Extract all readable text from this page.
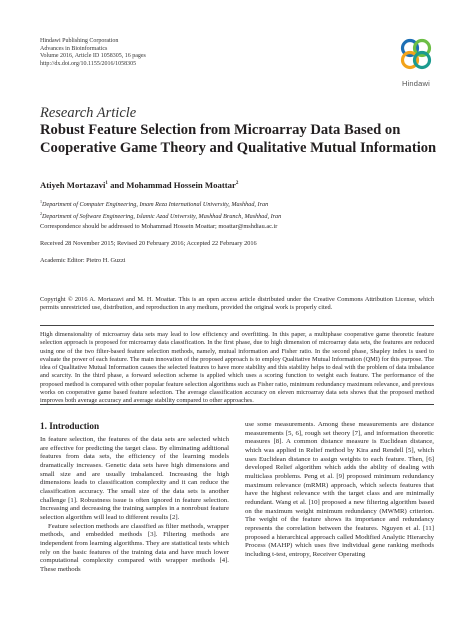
Hindawi Publishing Corporation
Advances in Bioinformatics
Volume 2016, Article ID 1058305, 16 pages
http://dx.doi.org/10.1155/2016/1058305
Hindawi
Research Article
Robust Feature Selection from Microarray Data Based on Cooperative Game Theory and Qualitative Mutual Information
Atiyeh Mortazavi$^1$ and Mohammad Hossein Moattar$^2$
$^1$Department of Computer Engineering, Imam Reza International University, Mashhad, Iran
$^2$Department of Software Engineering, Islamic Azad University, Mashhad Branch, Mashhad, Iran
Correspondence should be addressed to Mohammad Hossein Moattar; moattar@mshdiau.ac.ir
Received 28 November 2015; Revised 20 February 2016; Accepted 22 February 2016
Academic Editor: Pietro H. Guzzi
Copyright © 2016 A. Mortazavi and M. H. Moattar. This is an open access article distributed under the Creative Commons Attribution License, which permits unrestricted use, distribution, and reproduction in any medium, provided the original work is properly cited.
High dimensionality of microarray data sets may lead to low efficiency and overfitting. In this paper, a multiphase cooperative game theoretic feature selection approach is proposed for microarray data classification. In the first phase, due to high dimension of microarray data sets, the features are reduced using one of the two filter-based feature selection methods, namely, mutual information and Fisher ratio. In the second phase, Shapley index is used to evaluate the power of each feature. The main innovation of the proposed approach is to employ Qualitative Mutual Information (QMI) for this purpose. The idea of Qualitative Mutual Information causes the selected features to have more stability and this stability helps to deal with the problem of data imbalance and scarcity. In the third phase, a forward selection scheme is applied which uses a scoring function to weight each feature. The performance of the proposed method is compared with other popular feature selection algorithms such as Fisher ratio, minimum redundancy maximum relevance, and previous works on cooperative game based feature selection. The average classification accuracy on eleven microarray data sets shows that the proposed method improves both average accuracy and average stability compared to other approaches.
1. Introduction

In feature selection, the features of the data sets are selected which are effective for predicting the target class. By eliminating additional features from data sets, the efficiency of the learning models dramatically increases. Genetic data sets have high dimensions and small size and are usually imbalanced. Increasing the high dimensions leads to classification complexity and it can reduce the classification accuracy. The small size of the data sets is another challenge [1]. Robustness issue is often ignored in feature selection. Increasing and decreasing the training samples in a nonrobust feature selection algorithm will lead to different results [2].

Feature selection methods are classified as filter methods, wrapper methods, and embedded methods [3]. Filtering methods are independent from learning algorithms. They are statistical tests which rely on the basic features of the training data and have much lower computational complexity compared with wrapper methods [4]. These methods

use some measurements. Among these measurements are distance measurements [5, 6], rough set theory [7], and information theoretic measures [8]. A common distance measure is Euclidean distance, which was applied in Relief method by Kira and Rendell [5], which uses Euclidean distance to assign weights to each feature. Then, [6] developed Relief algorithm which adds the ability of dealing with multiclass problems. Peng et al. [9] proposed minimum redundancy maximum relevance (mRMR) approach, which selects features that have the highest relevance with the target class and are minimally redundant. Wang et al. [10] proposed a new filtering algorithm based on the maximum weight minimum redundancy (MWMR) criterion. The weight of the feature shows its importance and redundancy represents the correlation between the features. Nguyen et al. [11] proposed a hierarchical approach called Modified Analytic Hierarchy Process (MAHP) which uses five individual gene ranking methods including t-test, entropy, Receiver Operating
